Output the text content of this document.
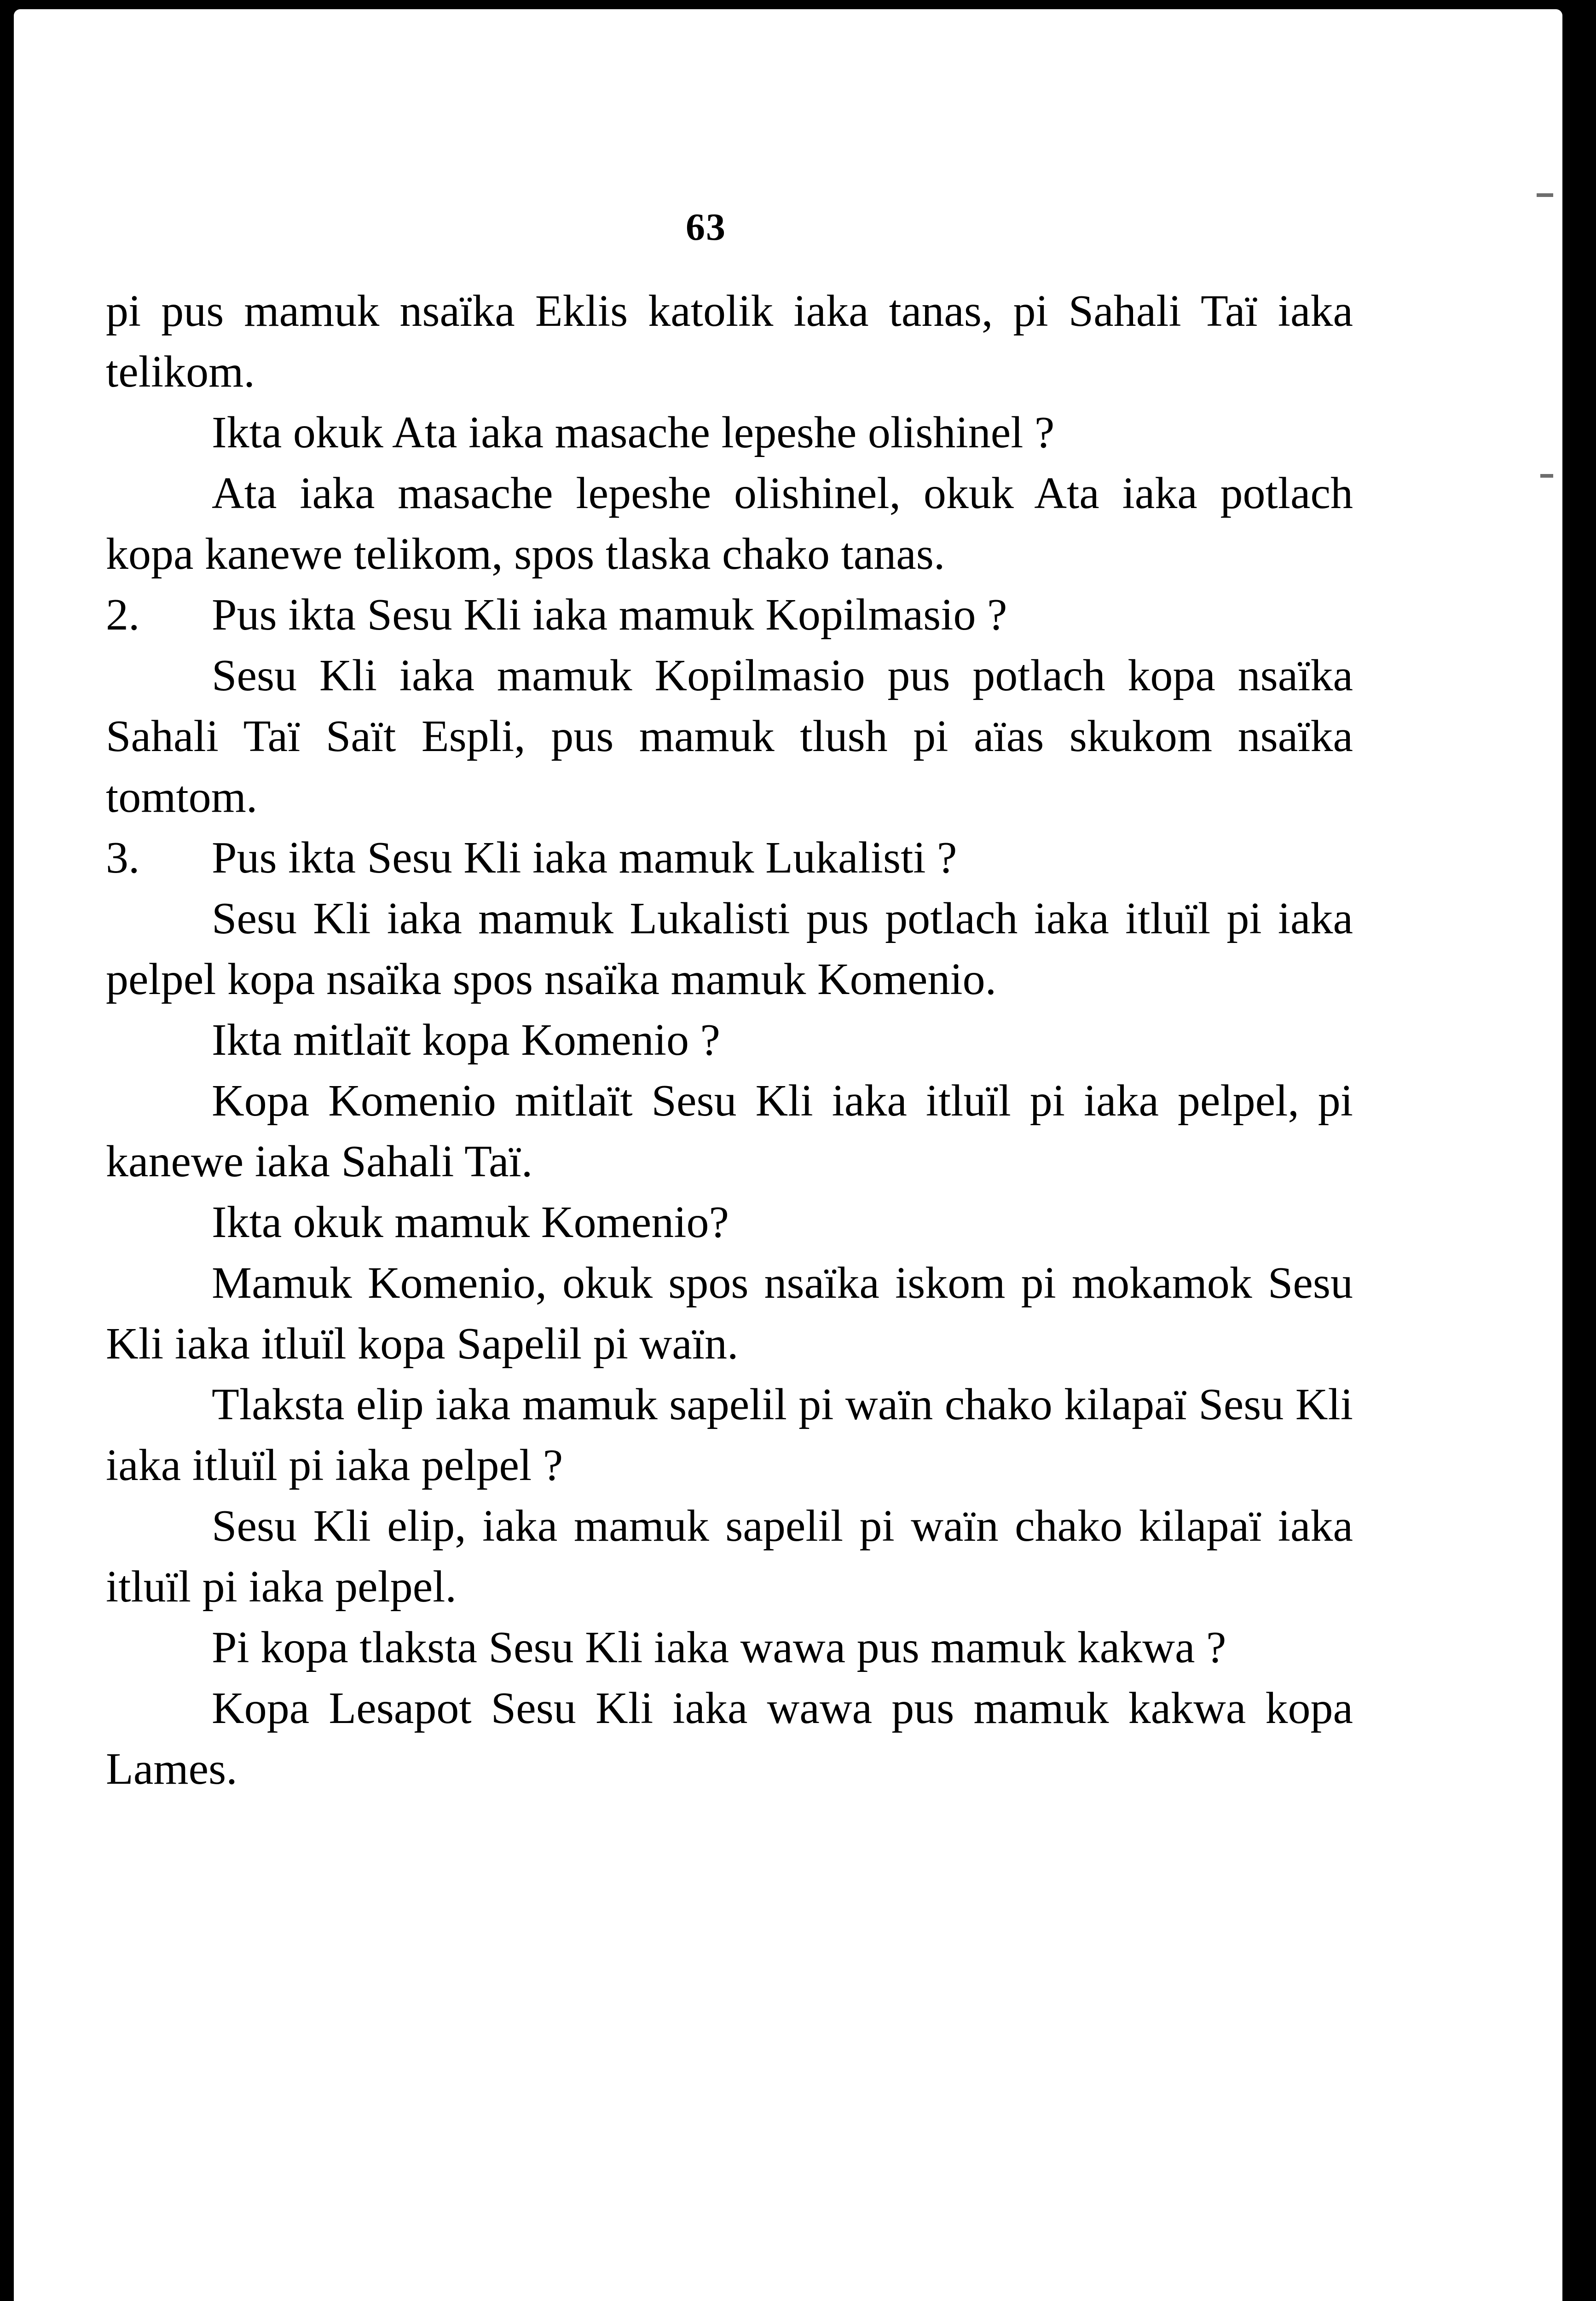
63

pi pus mamuk nsaïka Eklis katolik iaka tanas, pi Sahali Taï iaka telikom.

Ikta okuk Ata iaka masache lepeshe olishinel ?

Ata iaka masache lepeshe olishinel, okuk Ata iaka potlach kopa kanewe telikom, spos tlaska chako tanas.

2. Pus ikta Sesu Kli iaka mamuk Kopilmasio ?

Sesu Kli iaka mamuk Kopilmasio pus potlach kopa nsaïka Sahali Taï Saït Espli, pus mamuk tlush pi aïas skukom nsaïka tomtom.

3. Pus ikta Sesu Kli iaka mamuk Lukalisti ?

Sesu Kli iaka mamuk Lukalisti pus potlach iaka itluïl pi iaka pelpel kopa nsaïka spos nsaïka mamuk Komenio.

Ikta mitlaït kopa Komenio ?

Kopa Komenio mitlaït Sesu Kli iaka itluïl pi iaka pelpel, pi kanewe iaka Sahali Taï.

Ikta okuk mamuk Komenio?

Mamuk Komenio, okuk spos nsaïka iskom pi mokamok Sesu Kli iaka itluïl kopa Sapelil pi waïn.

Tlaksta elip iaka mamuk sapelil pi waïn chako kilapaï Sesu Kli iaka itluïl pi iaka pelpel ?

Sesu Kli elip, iaka mamuk sapelil pi waïn chako kilapaï iaka itluïl pi iaka pelpel.

Pi kopa tlaksta Sesu Kli iaka wawa pus mamuk kakwa ?

Kopa Lesapot Sesu Kli iaka wawa pus mamuk kakwa kopa Lames.
